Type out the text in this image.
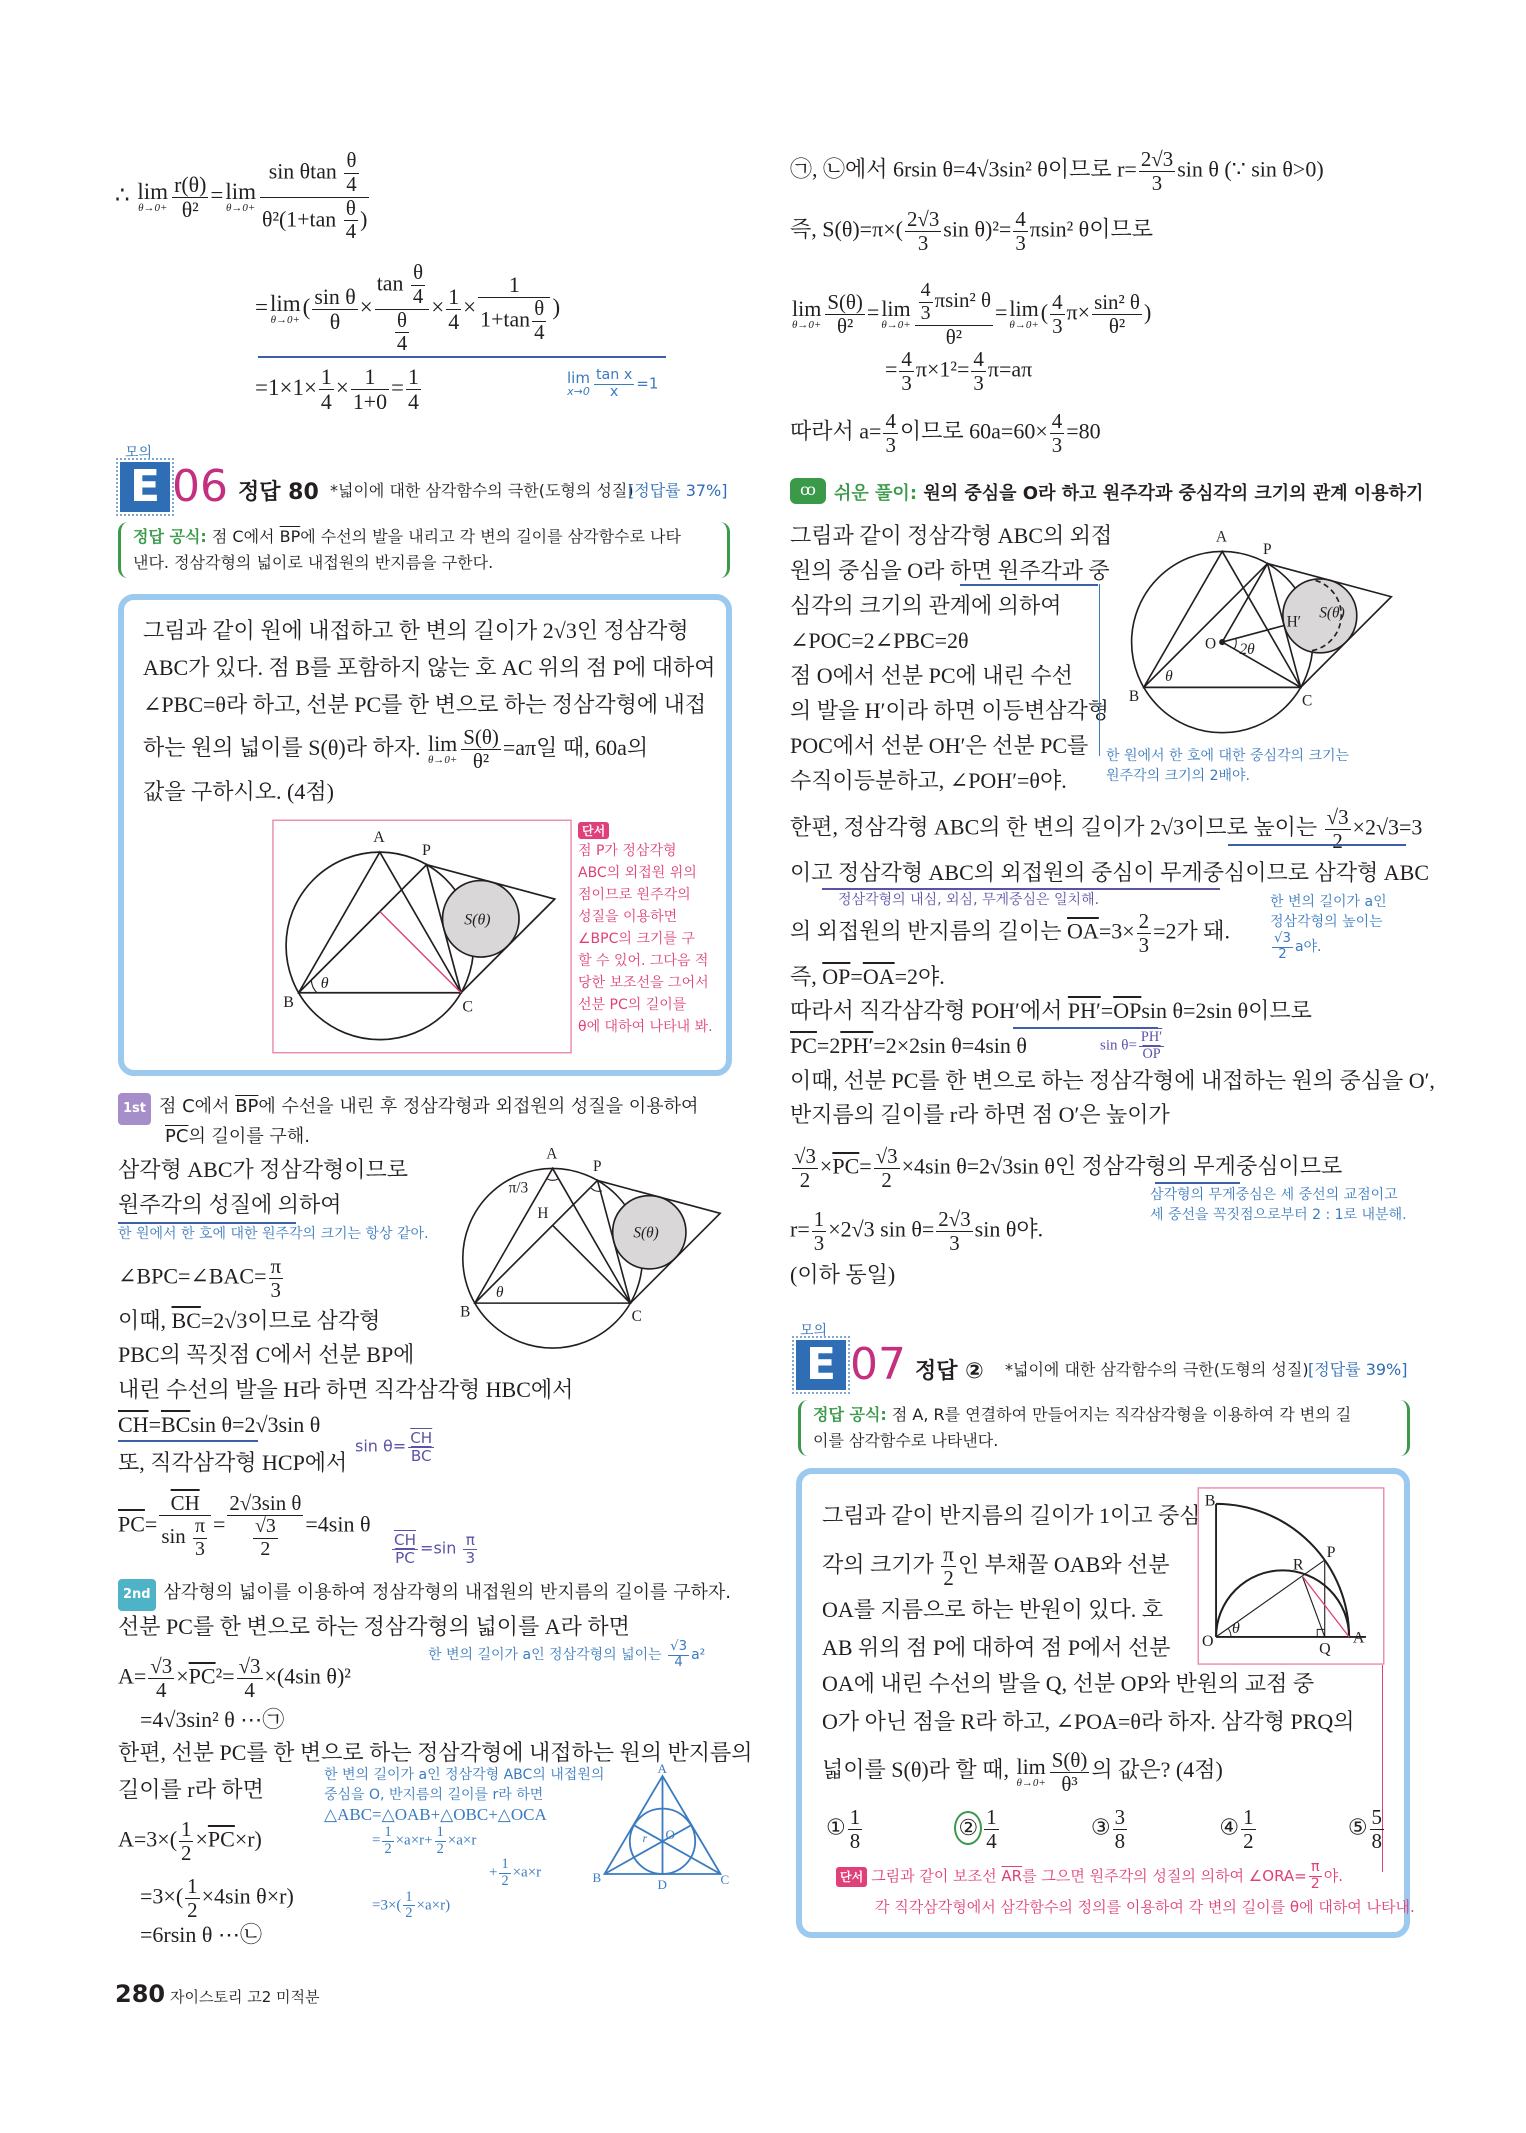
∴ lim
$\theta\to 0+ \frac{r(\theta)}{\text{θ²}} =\lim$
$\theta\to 0+ \frac{\sin \theta\tan \frac{\theta}{4}}{\theta^2(1+\tan \frac{\theta}{4} )}$
=lim
θ→0+
( $\frac{\text{sin θ}}{\theta} \times \frac{\tan \frac{\theta}{4}}{\frac{\theta}{4}} \times \frac{1}{4} \times \frac{1}{1+\tan \frac{\theta}{4}}$ )
$=1\times 1\times \frac{1}{4} \times \frac{1}{1+0} = \frac{1}{4}$	lim
$x\to 0 \frac{\text{tan x}}{x} =1$
모의
E 06 정답 80 *넓이에 대한 삼각함수의 극한(도형의 성질)
[정답률 37%]
정답 공식: 점 C에서 $\overline{BP}$에 수선의 발을 내리고 각 변의 길이를 삼각함수로 나타
낸다. 정삼각형의 넓이로 내접원의 반지름을 구한다.
그림과 같이 원에 내접하고 한 변의 길이가 2√3인 정삼각형
ABC가 있다. 점 B를 포함하지 않는 호 AC 위의 점 P에 대하여
∠PBC=θ라 하고, 선분 PC를 한 변으로 하는 정삼각형에 내접
하는 원의 넓이를 S(θ)라 하자. lim
$\theta\to 0+ \frac{S(\theta)}{\text{θ²}} =a\pi$일 때, 60a의
값을 구하시오. (4점)
A
P
B	C
θ
S(θ)
단서
점 P가 정삼각형
ABC의 외접원 위의
점이므로 원주각의
성질을 이용하면
∠BPC의 크기를 구
할 수 있어. 그다음 적
당한 보조선을 그어서
선분 PC의 길이를
θ에 대하여 나타내 봐.
1st 점 C에서 $\overline{BP}$에 수선을 내린 후 정삼각형과 외접원의 성질을 이용하여
$\overline{PC}$의 길이를 구해.
삼각형 ABC가 정삼각형이므로
원주각의 성질에 의하여
한 원에서 한 호에 대한 원주각의 크기는 항상 같아.
∠BPC=∠BAC= $\frac{\pi}{3}$
이때, $\overline{BC}=2√3$이므로 삼각형
PBC의 꼭짓점 C에서 선분 BP에
내린 수선의 발을 H라 하면 직각삼각형 HBC에서
$\overline{CH}=\overline{BC}\sin$ θ=2√3sin θ
$\sin \theta= \frac{\overline{CH}}{BC}$
또, 직각삼각형 HCP에서
$\overline{PC}= \frac{\overline{CH}}{\sin \frac{\pi}{3}} = \frac{\text{2√3sin θ}}{\frac{√3}{2}} =4\sin$ θ
$\frac{\overline{CH}}{PC} =\sin \frac{\pi}{3}$
A
P
H
B	C
θ
π/3
S(θ)
2nd 삼각형의 넓이를 이용하여 정삼각형의 내접원의 반지름의 길이를 구하자.
선분 PC를 한 변으로 하는 정삼각형의 넓이를 A라 하면
한 변의 길이가 a인 정삼각형의 넓이는 $\frac{√3}{4} a^2$
$A= \frac{√3}{4} \times\overline{PC}^2= \frac{√3}{4} \times(4\sin$ θ)²
=4√3sin² θ ⋯㉠
한편, 선분 PC를 한 변으로 하는 정삼각형에 내접하는 원의 반지름의
길이를 r라 하면
$A=3\times( \frac{1}{2} \times\overline{PC}\times r)$
$=3\times( \frac{1}{2} \times 4\sin$ θ×r)
=6rsin θ ⋯㉡
한 변의 길이가 a인 정삼각형 ABC의 내접원의
중심을 O, 반지름의 길이를 r라 하면
△ABC=△OAB+△OBC+△OCA
= $\frac{1}{2} \times a\times r+ \frac{1}{2} \times a\times r$
+ $\frac{1}{2} \times a\times r$
$=3\times( \frac{1}{2} \times a\times r)$
A
B	C
D
O
r
280 자이스토리 고2 미적분
㉠, ㉡에서 6rsin θ=4√3sin² θ이므로 $r= \frac{2√3}{3}$ sin θ (∵ sin θ>0)
즉, $S(\theta)=\pi\times( \frac{2√3}{3}$ $\sin \theta)^2= \frac{4}{3} \pi\sin^2$ θ이므로
lim
$\theta\to 0+ \frac{S(\theta)}{\text{θ²}} =\lim$
$\theta\to 0+ \frac{\frac{4}{3} \pi\sin^2 \theta}{\text{θ²}} =\lim$
θ→0+
( $\frac{4}{3} \pi\times \frac{\text{sin² θ}}{\text{θ²}}$ )
= $\frac{4}{3} \pi\times 1^2= \frac{4}{3} \pi=a\pi$
따라서 $a= \frac{4}{3}$ 이므로 $60a=60\times \frac{4}{3} =80$
ꝏ	쉬운 풀이: 원의 중심을 O라 하고 원주각과 중심각의 크기의 관계 이용하기
그림과 같이 정삼각형 ABC의 외접
원의 중심을 O라 하면 원주각과 중
심각의 크기의 관계에 의하여
∠POC=2∠PBC=2θ
점 O에서 선분 PC에 내린 수선
의 발을 H′이라 하면 이등변삼각형
POC에서 선분 OH′은 선분 PC를
수직이등분하고, ∠POH′=θ야.
한 원에서 한 호에 대한 중심각의 크기는
원주각의 크기의 2배야.
A
P
O
H′
2θ
θ
B	C
S(θ)
한편, 정삼각형 ABC의 한 변의 길이가 2√3이므로 높이는 $\frac{√3}{2} \times 2√3=3$
이고 정삼각형 ABC의 외접원의 중심이 무게중심이므로 삼각형 ABC
정삼각형의 내심, 외심, 무게중심은 일치해.
의 외접원의 반지름의 길이는 $\overline{OA}=3\times \frac{2}{3} =2$가 돼.
한 변의 길이가 a인
정삼각형의 높이는
$\frac{√3}{2}$ a야.
즉, $\overline{OP}=\overline{OA}=2$야.
따라서 직각삼각형 POH′에서 $PH'=\overline{OP}\sin$ θ=2sin θ이므로
$\overline{PC}=2PH'=2\times 2\sin$ θ=4sin θ	$\sin \theta= \frac{PH'}{OP}$
이때, 선분 PC를 한 변으로 하는 정삼각형에 내접하는 원의 중심을 O′,
반지름의 길이를 r라 하면 점 O′은 높이가
$\frac{√3}{2} \times\overline{PC}= \frac{√3}{2} \times 4\sin$ θ=2√3sin θ인 정삼각형의 무게중심이므로
삼각형의 무게중심은 세 중선의 교점이고
세 중선을 꼭짓점으로부터 2 : 1로 내분해.
$r= \frac{1}{3} \times 2√3$ $\sin \theta= \frac{2√3}{3}$ sin θ야.
(이하 동일)
모의
E 07 정답 ② *넓이에 대한 삼각함수의 극한(도형의 성질) [정답률 39%]
정답 공식: 점 A, R를 연결하여 만들어지는 직각삼각형을 이용하여 각 변의 길
이를 삼각함수로 나타낸다.
그림과 같이 반지름의 길이가 1이고 중심
각의 크기가 $\frac{\pi}{2}$ 인 부채꼴 OAB와 선분
OA를 지름으로 하는 반원이 있다. 호
AB 위의 점 P에 대하여 점 P에서 선분
OA에 내린 수선의 발을 Q, 선분 OP와 반원의 교점 중
O가 아닌 점을 R라 하고, ∠POA=θ라 하자. 삼각형 PRQ의
넓이를 S(θ)라 할 때, lim
$\theta\to 0+ \frac{S(\theta)}{\text{θ³}}$ 의 값은? (4점)
B
P
R
O
θ
Q
A
① $\frac{1}{8}$	② $\frac{1}{4}$	③ $\frac{3}{8}$	④ $\frac{1}{2}$	⑤ $\frac{5}{8}$
단서 그림과 같이 보조선 $\overline{AR}$를 그으면 원주각의 성질의 의하여 ∠ORA= $\frac{\pi}{2}$ 야.
각 직각삼각형에서 삼각함수의 정의를 이용하여 각 변의 길이를 θ에 대하여 나타내.
